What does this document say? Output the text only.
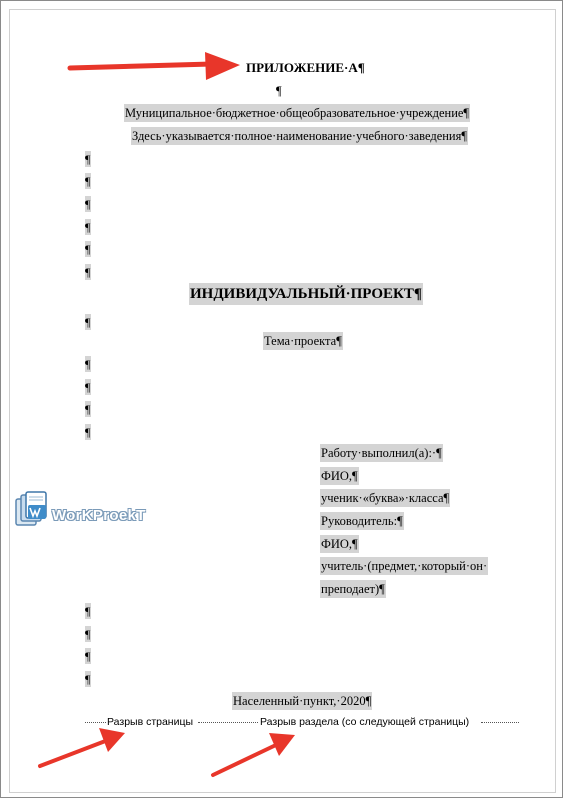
ПРИЛОЖЕНИЕ·А¶
¶
Муниципальное·бюджетное·общеобразовательное·учреждение¶
Здесь·указывается·полное·наименование·учебного·заведения¶
¶
¶
¶
¶
¶
¶
ИНДИВИДУАЛЬНЫЙ·ПРОЕКТ¶
¶
Тема·проекта¶
¶
¶
¶
¶
Работу·выполнил(а):·¶
ФИО,¶
ученик·«буква»·класса¶
Руководитель:¶
ФИО,¶
учитель·(предмет,·который·он·
преподает)¶
¶
¶
¶
¶
Населенный·пункт,·2020¶
Разрыв страницы	Разрыв раздела (со следующей страницы)
WorKProekT
